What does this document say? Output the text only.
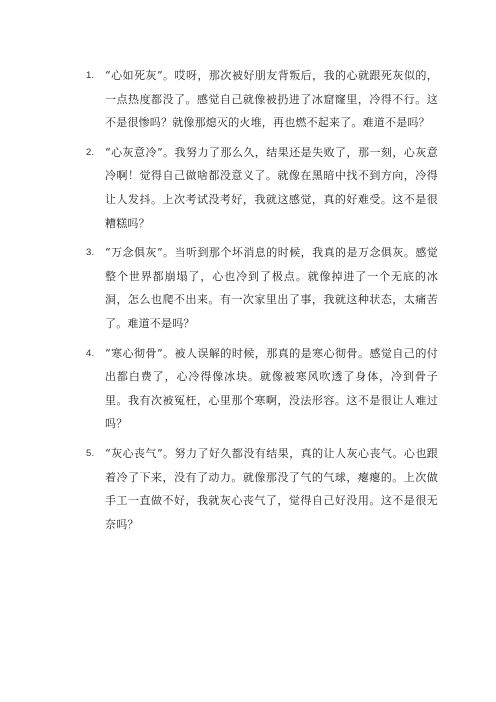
1. “心如死灰”。哎呀，那次被好朋友背叛后，我的心就跟死灰似的，一点热度都没了。感觉自己就像被扔进了冰窟窿里，冷得不行。这不是很惨吗？就像那熄灭的火堆，再也燃不起来了。难道不是吗？
2. “心灰意冷”。我努力了那么久，结果还是失败了，那一刻，心灰意冷啊！觉得自己做啥都没意义了。就像在黑暗中找不到方向，冷得让人发抖。上次考试没考好，我就这感觉，真的好难受。这不是很糟糕吗？
3. “万念俱灰”。当听到那个坏消息的时候，我真的是万念俱灰。感觉整个世界都崩塌了，心也冷到了极点。就像掉进了一个无底的冰洞，怎么也爬不出来。有一次家里出了事，我就这种状态，太痛苦了。难道不是吗？
4. “寒心彻骨”。被人误解的时候，那真的是寒心彻骨。感觉自己的付出都白费了，心冷得像冰块。就像被寒风吹透了身体，冷到骨子里。我有次被冤枉，心里那个寒啊，没法形容。这不是很让人难过吗？
5. “灰心丧气”。努力了好久都没有结果，真的让人灰心丧气。心也跟着冷了下来，没有了动力。就像那没了气的气球，瘪瘪的。上次做手工一直做不好，我就灰心丧气了，觉得自己好没用。这不是很无奈吗？
